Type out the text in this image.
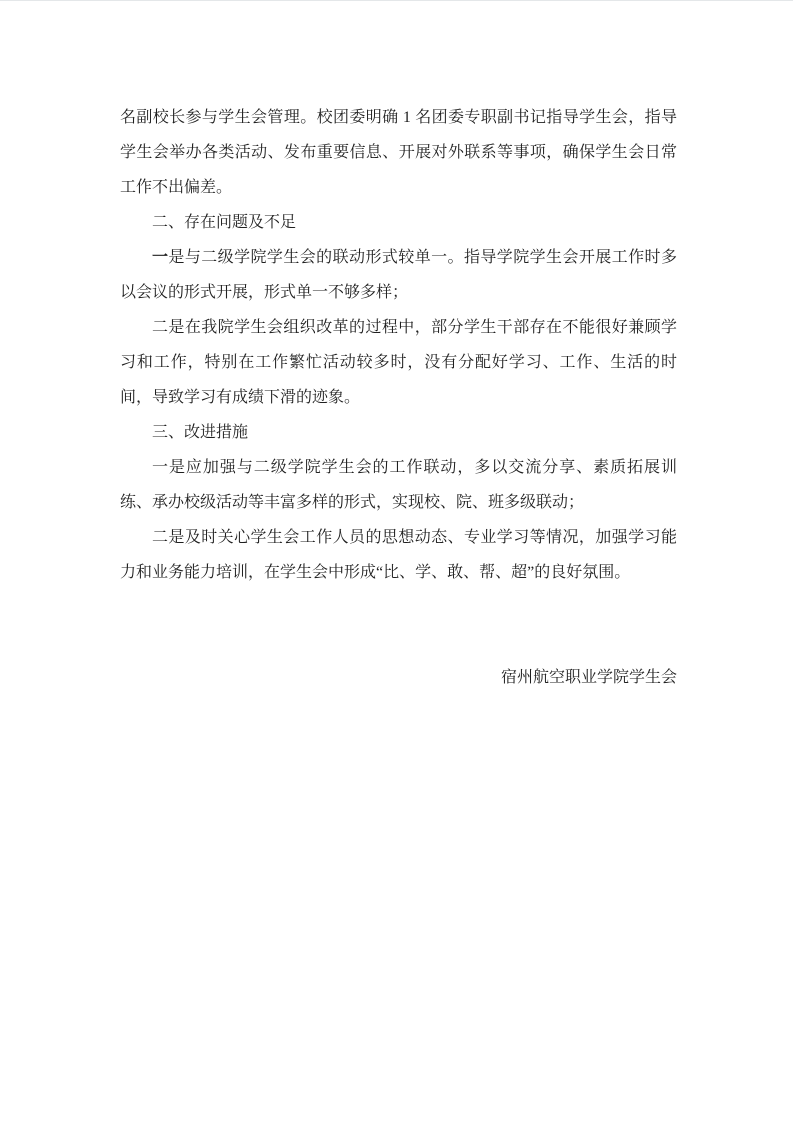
名副校长参与学生会管理。校团委明确 1 名团委专职副书记指导学生会，指导学生会举办各类活动、发布重要信息、开展对外联系等事项，确保学生会日常工作不出偏差。

二、存在问题及不足

一是与二级学院学生会的联动形式较单一。指导学院学生会开展工作时多以会议的形式开展，形式单一不够多样；

二是在我院学生会组织改革的过程中，部分学生干部存在不能很好兼顾学习和工作，特别在工作繁忙活动较多时，没有分配好学习、工作、生活的时间，导致学习有成绩下滑的迹象。

三、改进措施

一是应加强与二级学院学生会的工作联动，多以交流分享、素质拓展训练、承办校级活动等丰富多样的形式，实现校、院、班多级联动；

二是及时关心学生会工作人员的思想动态、专业学习等情况，加强学习能力和业务能力培训，在学生会中形成“比、学、敢、帮、超”的良好氛围。

宿州航空职业学院学生会
